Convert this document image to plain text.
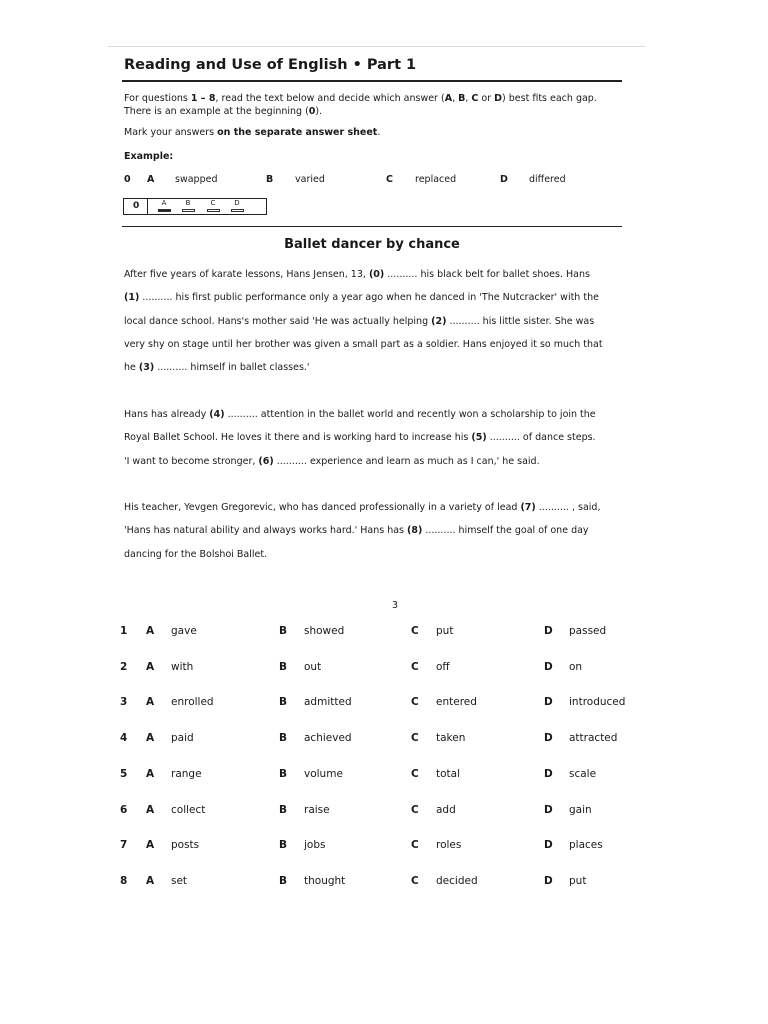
Reading and Use of English • Part 1
For questions 1 – 8, read the text below and decide which answer (A, B, C or D) best fits each gap. There is an example at the beginning (0).
Mark your answers on the separate answer sheet.
Example:
0 A swapped	B varied	C replaced	D differed
0	A	B	C	D
Ballet dancer by chance
After five years of karate lessons, Hans Jensen, 13, (0) .......... his black belt for ballet shoes. Hans
(1) .......... his first public performance only a year ago when he danced in 'The Nutcracker' with the
local dance school. Hans's mother said 'He was actually helping (2) .......... his little sister. She was
very shy on stage until her brother was given a small part as a soldier. Hans enjoyed it so much that
he (3) .......... himself in ballet classes.'
Hans has already (4) .......... attention in the ballet world and recently won a scholarship to join the
Royal Ballet School. He loves it there and is working hard to increase his (5) .......... of dance steps.
'I want to become stronger, (6) .......... experience and learn as much as I can,' he said.
His teacher, Yevgen Gregorevic, who has danced professionally in a variety of lead (7) .......... , said,
'Hans has natural ability and always works hard.' Hans has (8) .......... himself the goal of one day
dancing for the Bolshoi Ballet.
3
1 A gave	B showed	C put	D passed
2 A with	B out	C off	D on
3 A enrolled	B admitted	C entered	D introduced
4 A paid	B achieved	C taken	D attracted
5 A range	B volume	C total	D scale
6 A collect	B raise	C add	D gain
7 A posts	B jobs	C roles	D places
8 A set	B thought	C decided	D put
